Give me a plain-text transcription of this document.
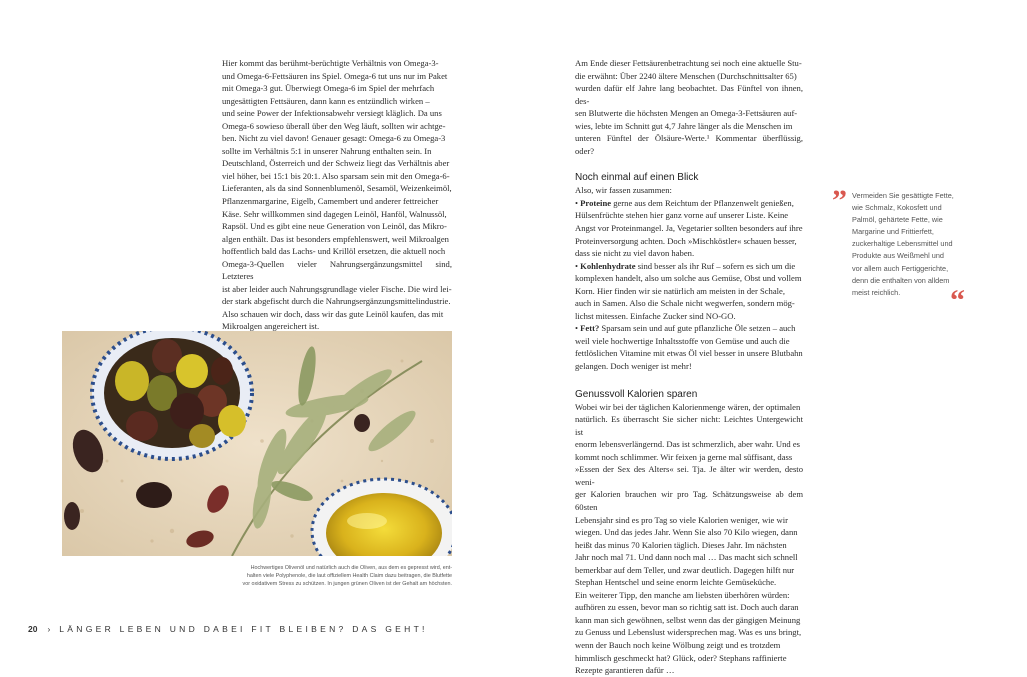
Hier kommt das berühmt-berüchtigte Verhältnis von Omega-3-

und Omega-6-Fettsäuren ins Spiel. Omega-6 tut uns nur im Paket

mit Omega-3 gut. Überwiegt Omega-6 im Spiel der mehrfach

ungesättigten Fettsäuren, dann kann es entzündlich wirken –

und seine Power der Infektionsabwehr versiegt kläglich. Da uns

Omega-6 sowieso überall über den Weg läuft, sollten wir achtge-

ben. Nicht zu viel davon! Genauer gesagt: Omega-6 zu Omega-3

sollte im Verhältnis 5:1 in unserer Nahrung enthalten sein. In

Deutschland, Österreich und der Schweiz liegt das Verhältnis aber

viel höher, bei 15:1 bis 20:1. Also sparsam sein mit den Omega-6-

Lieferanten, als da sind Sonnenblumenöl, Sesamöl, Weizenkeimöl,

Pflanzenmargarine, Eigelb, Camembert und anderer fettreicher

Käse. Sehr willkommen sind dagegen Leinöl, Hanföl, Walnussöl,

Rapsöl. Und es gibt eine neue Generation von Leinöl, das Mikro-

algen enthält. Das ist besonders empfehlenswert, weil Mikroalgen

hoffentlich bald das Lachs- und Krillöl ersetzen, die aktuell noch

Omega-3-Quellen vieler Nahrungsergänzungsmittel sind, Letzteres

ist aber leider auch Nahrungsgrundlage vieler Fische. Die wird lei-

der stark abgefischt durch die Nahrungsergänzungsmittelindustrie.

Also schauen wir doch, dass wir das gute Leinöl kaufen, das mit

Mikroalgen angereichert ist.

Hochwertiges Olivenöl und natürlich auch die Oliven, aus dem es gepresst wird, ent-

halten viele Polyphenole, die laut offiziellem Health Claim dazu beitragen, die Blutfette

vor oxidativem Stress zu schützen. In jungen grünen Oliven ist der Gehalt am höchsten.

Am Ende dieser Fettsäurenbetrachtung sei noch eine aktuelle Stu-

die erwähnt: Über 2240 ältere Menschen (Durchschnittsalter 65)

wurden dafür elf Jahre lang beobachtet. Das Fünftel von ihnen, des-

sen Blutwerte die höchsten Mengen an Omega-3-Fettsäuren auf-

wies, lebte im Schnitt gut 4,7 Jahre länger als die Menschen im

unteren Fünftel der Ölsäure-Werte.¹ Kommentar überflüssig, oder?

Noch einmal auf einen Blick

Also, wir fassen zusammen:

• Proteine gerne aus dem Reichtum der Pflanzenwelt genießen,

Hülsenfrüchte stehen hier ganz vorne auf unserer Liste. Keine

Angst vor Proteinmangel. Ja, Vegetarier sollten besonders auf ihre

Proteinversorgung achten. Doch »Mischköstler« schauen besser,

dass sie nicht zu viel davon haben.

• Kohlenhydrate sind besser als ihr Ruf – sofern es sich um die

komplexen handelt, also um solche aus Gemüse, Obst und vollem

Korn. Hier finden wir sie natürlich am meisten in der Schale,

auch in Samen. Also die Schale nicht wegwerfen, sondern mög-

lichst mitessen. Einfache Zucker sind NO-GO.

• Fett? Sparsam sein und auf gute pflanzliche Öle setzen – auch

weil viele hochwertige Inhaltsstoffe von Gemüse und auch die

fettlöslichen Vitamine mit etwas Öl viel besser in unsere Blutbahn

gelangen. Doch weniger ist mehr!

Genussvoll Kalorien sparen

Wobei wir bei der täglichen Kalorienmenge wären, der optimalen

natürlich. Es überrascht Sie sicher nicht: Leichtes Untergewicht ist

enorm lebensverlängernd. Das ist schmerzlich, aber wahr. Und es

kommt noch schlimmer. Wir feixen ja gerne mal süffisant, dass

»Essen der Sex des Alters« sei. Tja. Je älter wir werden, desto weni-

ger Kalorien brauchen wir pro Tag. Schätzungsweise ab dem 60sten

Lebensjahr sind es pro Tag so viele Kalorien weniger, wie wir

wiegen. Und das jedes Jahr. Wenn Sie also 70 Kilo wiegen, dann

heißt das minus 70 Kalorien täglich. Dieses Jahr. Im nächsten

Jahr noch mal 71. Und dann noch mal … Das macht sich schnell

bemerkbar auf dem Teller, und zwar deutlich. Dagegen hilft nur

Stephan Hentschel und seine enorm leichte Gemüseküche.

Ein weiterer Tipp, den manche am liebsten überhören würden:

aufhören zu essen, bevor man so richtig satt ist. Doch auch daran

kann man sich gewöhnen, selbst wenn das der gängigen Meinung

zu Genuss und Lebenslust widersprechen mag. Was es uns bringt,

wenn der Bauch noch keine Wölbung zeigt und es trotzdem

himmlisch geschmeckt hat? Glück, oder? Stephans raffinierte

Rezepte garantieren dafür …

” Vermeiden Sie gesättigte Fette,

wie Schmalz, Kokosfett und

Palmöl, gehärtete Fette, wie

Margarine und Frittierfett,

zuckerhaltige Lebensmittel und

Produkte aus Weißmehl und

vor allem auch Fertiggerichte,

denn die enthalten von alldem

meist reichlich.	“
20 › LÄNGER LEBEN UND DABEI FIT BLEIBEN? DAS GEHT!
